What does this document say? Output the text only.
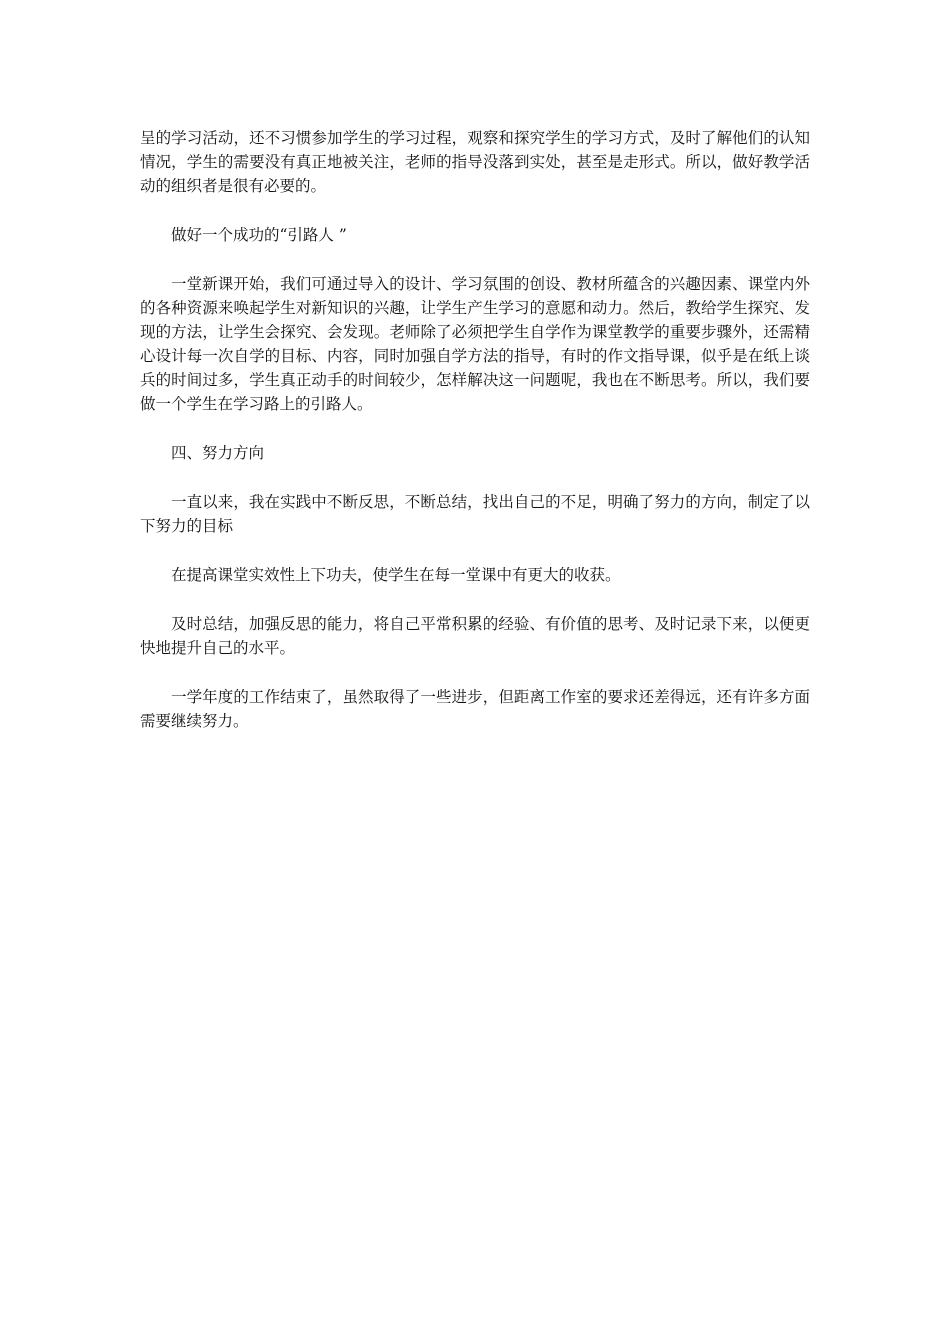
呈的学习活动，还不习惯参加学生的学习过程，观察和探究学生的学习方式，及时了解他们的认知情况，学生的需要没有真正地被关注，老师的指导没落到实处，甚至是走形式。所以，做好教学活动的组织者是很有必要的。

做好一个成功的“引路人 ”

一堂新课开始，我们可通过导入的设计、学习氛围的创设、教材所蕴含的兴趣因素、课堂内外的各种资源来唤起学生对新知识的兴趣，让学生产生学习的意愿和动力。然后，教给学生探究、发现的方法，让学生会探究、会发现。老师除了必须把学生自学作为课堂教学的重要步骤外，还需精心设计每一次自学的目标、内容，同时加强自学方法的指导，有时的作文指导课，似乎是在纸上谈兵的时间过多，学生真正动手的时间较少，怎样解决这一问题呢，我也在不断思考。所以，我们要做一个学生在学习路上的引路人。

四、努力方向

一直以来，我在实践中不断反思，不断总结，找出自己的不足，明确了努力的方向，制定了以下努力的目标

在提高课堂实效性上下功夫，使学生在每一堂课中有更大的收获。

及时总结，加强反思的能力，将自己平常积累的经验、有价值的思考、及时记录下来，以便更快地提升自己的水平。

一学年度的工作结束了，虽然取得了一些进步，但距离工作室的要求还差得远，还有许多方面需要继续努力。
